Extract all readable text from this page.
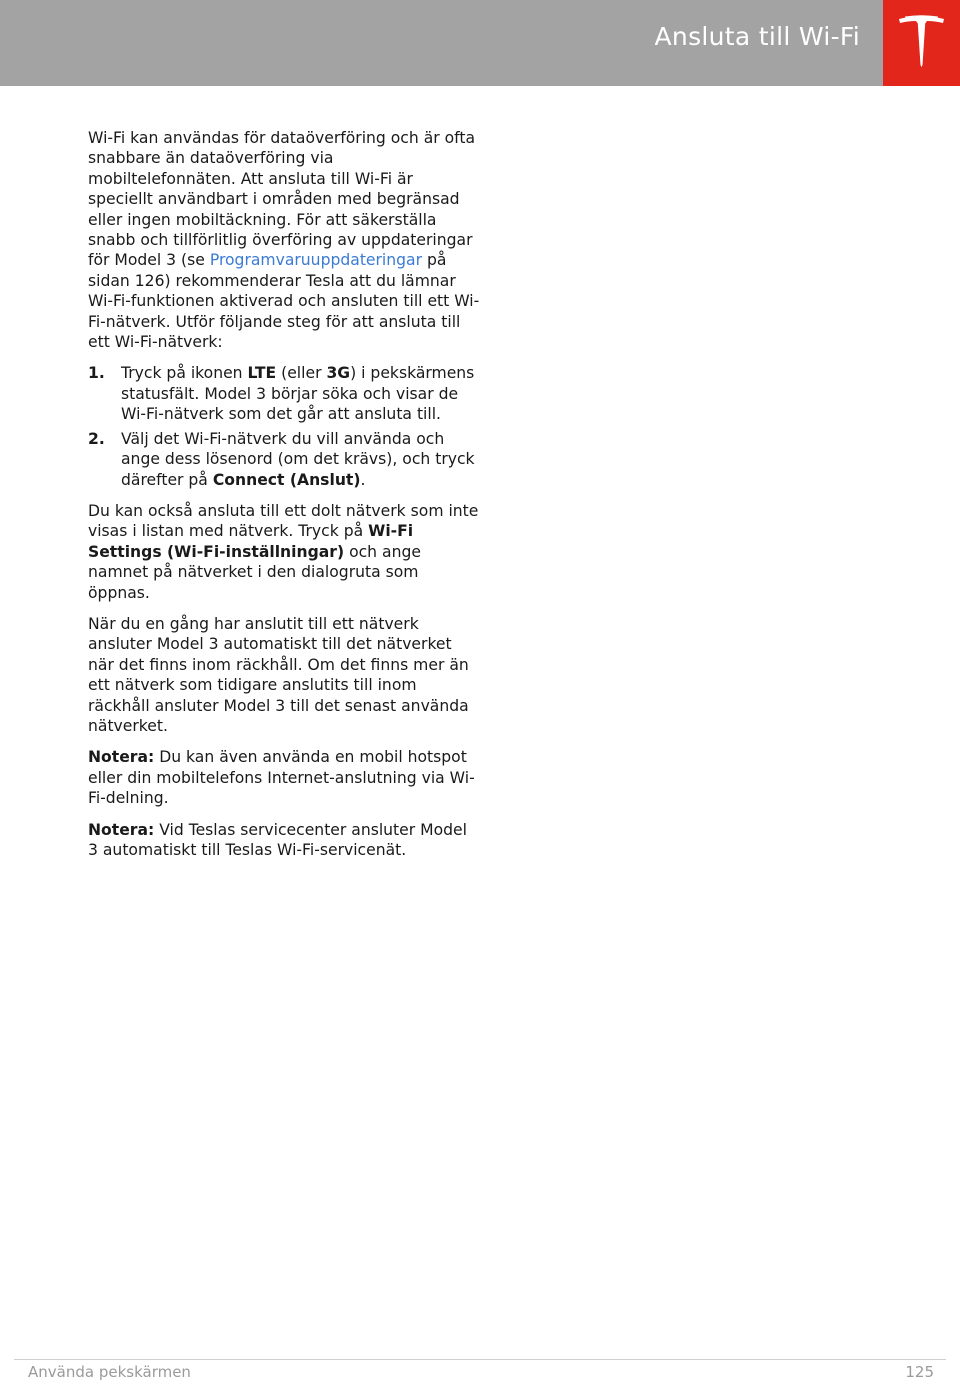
Ansluta till Wi-Fi

Wi-Fi kan användas för dataöverföring och är ofta snabbare än dataöverföring via mobiltelefonnäten. Att ansluta till Wi-Fi är speciellt användbart i områden med begränsad eller ingen mobiltäckning. För att säkerställa snabb och tillförlitlig överföring av uppdateringar för Model 3 (se Programvaruuppdateringar på sidan 126) rekommenderar Tesla att du lämnar Wi-Fi-funktionen aktiverad och ansluten till ett Wi-Fi-nätverk. Utför följande steg för att ansluta till ett Wi-Fi-nätverk:

1. Tryck på ikonen LTE (eller 3G) i pekskärmens statusfält. Model 3 börjar söka och visar de Wi-Fi-nätverk som det går att ansluta till.
2. Välj det Wi-Fi-nätverk du vill använda och ange dess lösenord (om det krävs), och tryck därefter på Connect (Anslut).

Du kan också ansluta till ett dolt nätverk som inte visas i listan med nätverk. Tryck på Wi-Fi Settings (Wi-Fi-inställningar) och ange namnet på nätverket i den dialogruta som öppnas.

När du en gång har anslutit till ett nätverk ansluter Model 3 automatiskt till det nätverket när det finns inom räckhåll. Om det finns mer än ett nätverk som tidigare anslutits till inom räckhåll ansluter Model 3 till det senast använda nätverket.

Notera: Du kan även använda en mobil hotspot eller din mobiltelefons Internet-anslutning via Wi-Fi-delning.

Notera: Vid Teslas servicecenter ansluter Model 3 automatiskt till Teslas Wi-Fi-servicenät.

Använda pekskärmen	125
